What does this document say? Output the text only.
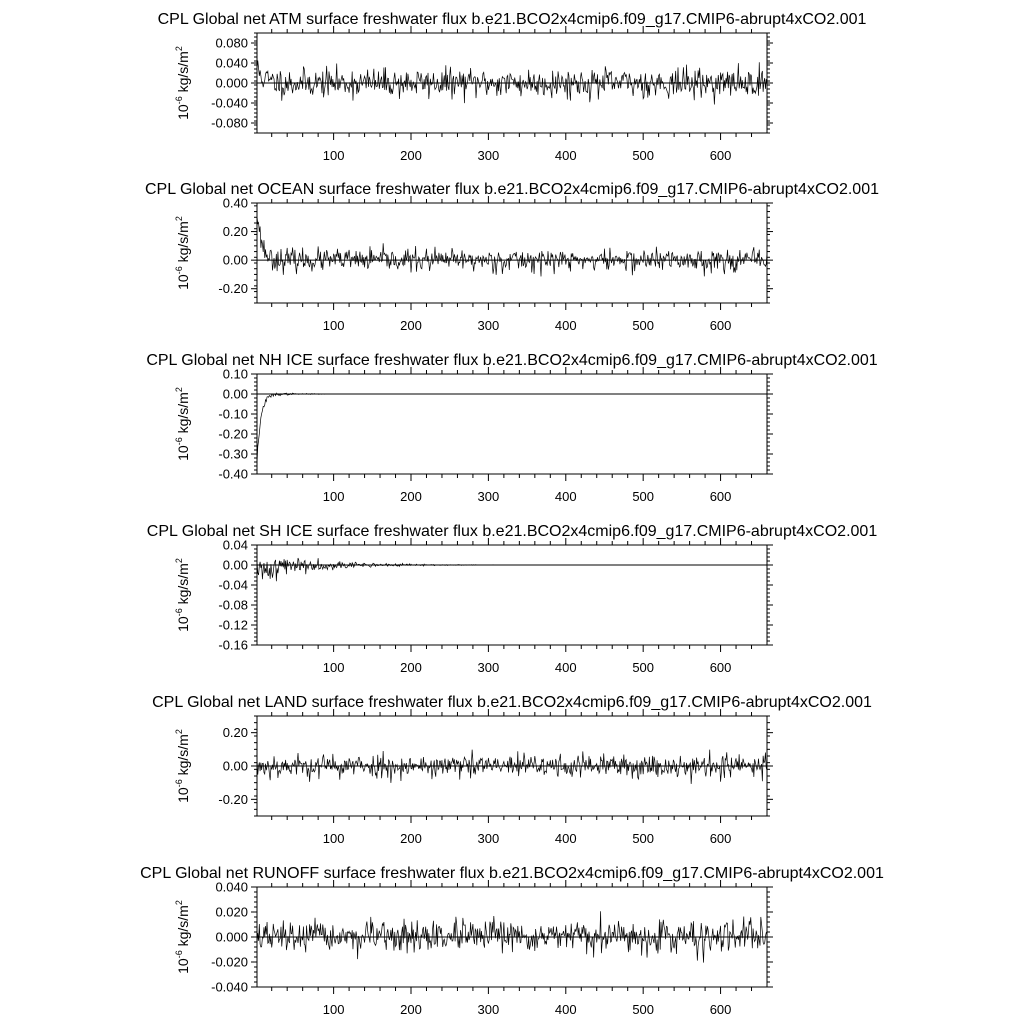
CPL Global net ATM surface freshwater flux b.e21.BCO2x4cmip6.f09_g17.CMIP6-abrupt4xCO2.001
100	200	300	400	500	600
-0.080
-0.040
0.000
0.040
0.080
$10^{-6}$ $kg/s/m^2$
CPL Global net OCEAN surface freshwater flux b.e21.BCO2x4cmip6.f09_g17.CMIP6-abrupt4xCO2.001
100	200	300	400	500	600
-0.20
0.00
0.20
0.40
$10^{-6}$ $kg/s/m^2$
CPL Global net NH ICE surface freshwater flux b.e21.BCO2x4cmip6.f09_g17.CMIP6-abrupt4xCO2.001
100	200	300	400	500	600
-0.40
-0.30
-0.20
-0.10
0.00
0.10
$10^{-6}$ $kg/s/m^2$
CPL Global net SH ICE surface freshwater flux b.e21.BCO2x4cmip6.f09_g17.CMIP6-abrupt4xCO2.001
100	200	300	400	500	600
-0.16
-0.12
-0.08
-0.04
0.00
0.04
$10^{-6}$ $kg/s/m^2$
CPL Global net LAND surface freshwater flux b.e21.BCO2x4cmip6.f09_g17.CMIP6-abrupt4xCO2.001
100	200	300	400	500	600
-0.20
0.00
0.20
$10^{-6}$ $kg/s/m^2$
CPL Global net RUNOFF surface freshwater flux b.e21.BCO2x4cmip6.f09_g17.CMIP6-abrupt4xCO2.001
100	200	300	400	500	600
-0.040
-0.020
0.000
0.020
0.040
$10^{-6}$ $kg/s/m^2$
